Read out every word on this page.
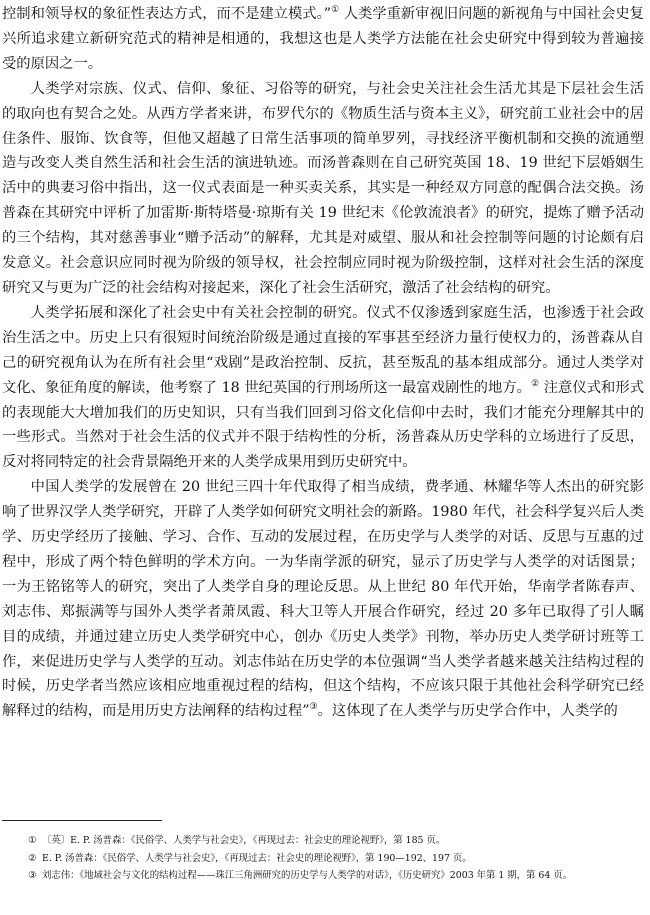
控制和领导权的象征性表达方式，而不是建立模式。”① 人类学重新审视旧问题的新视角与中国社会史复兴所追求建立新研究范式的精神是相通的，我想这也是人类学方法能在社会史研究中得到较为普遍接受的原因之一。

人类学对宗族、仪式、信仰、象征、习俗等的研究，与社会史关注社会生活尤其是下层社会生活的取向也有契合之处。从西方学者来讲，布罗代尔的《物质生活与资本主义》，研究前工业社会中的居住条件、服饰、饮食等，但他又超越了日常生活事项的简单罗列，寻找经济平衡机制和交换的流通塑造与改变人类自然生活和社会生活的演进轨迹。而汤普森则在自己研究英国 18、19 世纪下层婚姻生活中的典妻习俗中指出，这一仪式表面是一种买卖关系，其实是一种经双方同意的配偶合法交换。汤普森在其研究中评析了加雷斯·斯特塔曼·琼斯有关 19 世纪末《伦敦流浪者》的研究，提炼了赠予活动的三个结构，其对慈善事业“赠予活动”的解释，尤其是对威望、服从和社会控制等问题的讨论颇有启发意义。社会意识应同时视为阶级的领导权，社会控制应同时视为阶级控制，这样对社会生活的深度研究又与更为广泛的社会结构对接起来，深化了社会生活研究，激活了社会结构的研究。

人类学拓展和深化了社会史中有关社会控制的研究。仪式不仅渗透到家庭生活，也渗透于社会政治生活之中。历史上只有很短时间统治阶级是通过直接的军事甚至经济力量行使权力的，汤普森从自己的研究视角认为在所有社会里“戏剧”是政治控制、反抗，甚至叛乱的基本组成部分。通过人类学对文化、象征角度的解读，他考察了 18 世纪英国的行刑场所这一最富戏剧性的地方。② 注意仪式和形式的表现能大大增加我们的历史知识，只有当我们回到习俗文化信仰中去时，我们才能充分理解其中的一些形式。当然对于社会生活的仪式并不限于结构性的分析，汤普森从历史学科的立场进行了反思，反对将同特定的社会背景隔绝开来的人类学成果用到历史研究中。

中国人类学的发展曾在 20 世纪三四十年代取得了相当成绩，费孝通、林耀华等人杰出的研究影响了世界汉学人类学研究，开辟了人类学如何研究文明社会的新路。1980 年代，社会科学复兴后人类学、历史学经历了接触、学习、合作、互动的发展过程，在历史学与人类学的对话、反思与互惠的过程中，形成了两个特色鲜明的学术方向。一为华南学派的研究，显示了历史学与人类学的对话图景；一为王铭铭等人的研究，突出了人类学自身的理论反思。从上世纪 80 年代开始，华南学者陈春声、刘志伟、郑振满等与国外人类学者萧凤霞、科大卫等人开展合作研究，经过 20 多年已取得了引人瞩目的成绩，并通过建立历史人类学研究中心，创办《历史人类学》刊物，举办历史人类学研讨班等工作，来促进历史学与人类学的互动。刘志伟站在历史学的本位强调“当人类学者越来越关注结构过程的时候，历史学者当然应该相应地重视过程的结构，但这个结构，不应该只限于其他社会科学研究已经解释过的结构，而是用历史方法阐释的结构过程”③。这体现了在人类学与历史学合作中，人类学的

① 〔英〕E. P. 汤普森：《民俗学、人类学与社会史》，《再现过去：社会史的理论视野》，第 185 页。

② E. P. 汤普森：《民俗学、人类学与社会史》，《再现过去：社会史的理论视野》，第 190—192、197 页。

③ 刘志伟：《地域社会与文化的结构过程——珠江三角洲研究的历史学与人类学的对话》，《历史研究》2003 年第 1 期，第 64 页。
